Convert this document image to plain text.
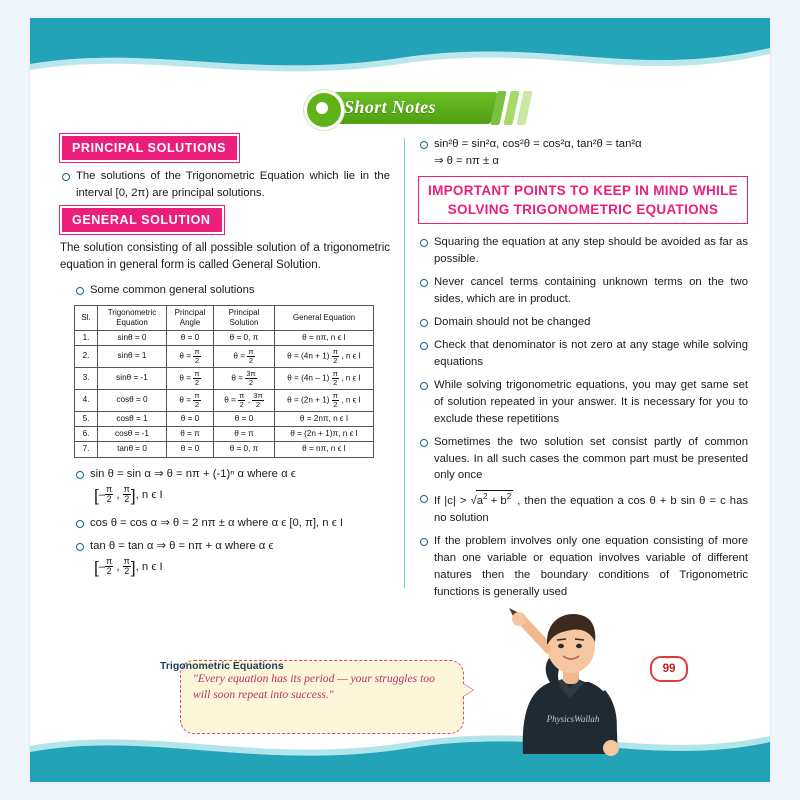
Short Notes
PRINCIPAL SOLUTIONS
The solutions of the Trigonometric Equation which lie in the interval [0, 2π) are principal solutions.
GENERAL SOLUTION

The solution consisting of all possible solution of a trigonometric equation in general form is called General Solution.

Some common general solutions
Sl.	Trigonometric Equation	Principal Angle	Principal Solution	General Equation
1.	sinθ = 0	θ = 0	θ = 0, π	θ = nπ, n ϵ I
2.	sinθ = 1	$\theta = \frac{\pi}{2}$	$\theta = \frac{\pi}{2}$	$\theta = (4n + 1) \frac{\pi}{2}$ , n ϵ I
3.	sinθ = -1	$\theta = \frac{\pi}{2}$	$\theta = \frac{3\pi}{2}$	$\theta = (4n - 1) \frac{\pi}{2}$ , n ϵ I
4.	cosθ = 0	$\theta = \frac{\pi}{2}$	$\theta = \frac{\pi}{2}$ , $\frac{3\pi}{2}$	$\theta = (2n + 1) \frac{\pi}{2}$ , n ϵ I
5.	cosθ = 1	θ = 0	θ = 0	θ = 2nπ, n ϵ I
6.	cosθ = -1	θ = π	θ = π	θ = (2n + 1)π, n ϵ I
7.	tanθ = 0	θ = 0	θ = 0, π	θ = nπ, n ϵ I
sin θ = sin α ⇒ θ = nπ + (-1)ⁿ α where α ϵ
[– $\frac{\pi}{2}$ , $\frac{\pi}{2}$ ], n ϵ I
cos θ = cos α ⇒ θ = 2 nπ ± α where α ϵ [0, π], n ϵ I
tan θ = tan α ⇒ θ = nπ + α where α ϵ
[– $\frac{\pi}{2}$ , $\frac{\pi}{2}$ ], n ϵ I
sin²θ = sin²α, cos²θ = cos²α, tan²θ = tan²α
⇒ θ = nπ ± α
IMPORTANT POINTS TO KEEP IN MIND WHILE SOLVING TRIGONOMETRIC EQUATIONS
Squaring the equation at any step should be avoided as far as possible.
Never cancel terms containing unknown terms on the two sides, which are in product.
Domain should not be changed
Check that denominator is not zero at any stage while solving equations
While solving trigonometric equations, you may get same set of solution repeated in your answer. It is necessary for you to exclude these repetitions
Sometimes the two solution set consist partly of common values. In all such cases the common part must be presented only once
If |c| > √ $a^2 + b^2$ , then the equation a cos θ + b sin θ = c has no solution
If the problem involves only one equation consisting of more than one variable or equation involves variable of different natures then the boundary conditions of Trigonometric functions is generally used
"Every equation has its period — your struggles too will soon repeat into success."
PhysicsWallah
Trigonometric Equations	99
